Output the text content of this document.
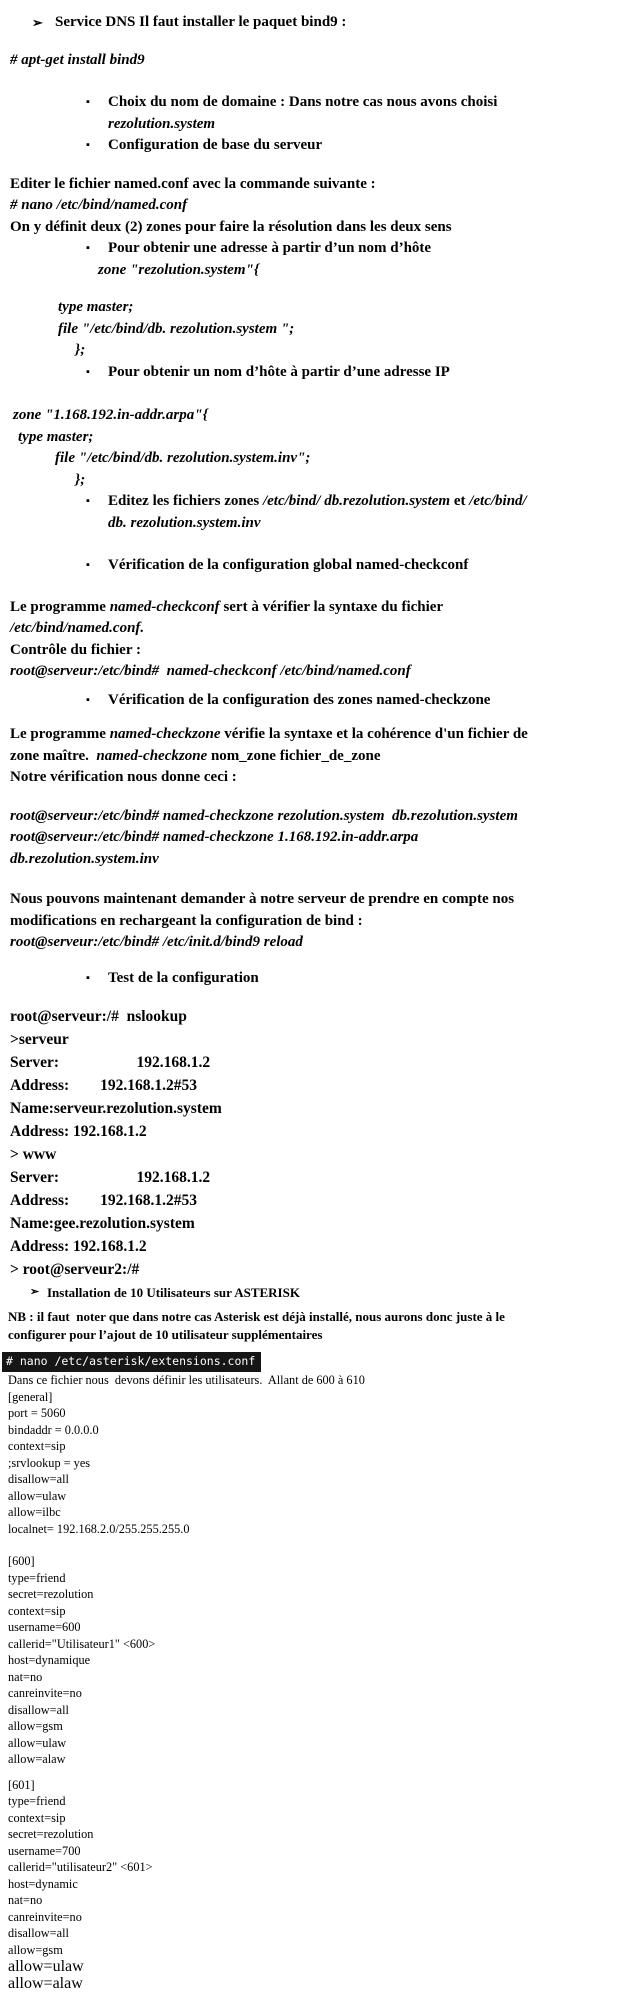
➢ Service DNS Il faut installer le paquet bind9 :
# apt-get install bind9
▪	Choix du nom de domaine : Dans notre cas nous avons choisi
rezolution.system
▪	Configuration de base du serveur
Editer le fichier named.conf avec la commande suivante :
# nano /etc/bind/named.conf
On y définit deux (2) zones pour faire la résolution dans les deux sens
▪	Pour obtenir une adresse à partir d’un nom d’hôte
zone "rezolution.system"{
type master;
file "/etc/bind/db. rezolution.system ";
};
▪	Pour obtenir un nom d’hôte à partir d’une adresse IP
zone "1.168.192.in-addr.arpa"{
type master;
file "/etc/bind/db. rezolution.system.inv";
};
▪	Editez les fichiers zones /etc/bind/ db.rezolution.system et /etc/bind/
db. rezolution.system.inv
▪	Vérification de la configuration global named-checkconf
Le programme named-checkconf sert à vérifier la syntaxe du fichier
/etc/bind/named.conf.
Contrôle du fichier :
root@serveur:/etc/bind#  named-checkconf /etc/bind/named.conf
▪	Vérification de la configuration des zones named-checkzone
Le programme named-checkzone vérifie la syntaxe et la cohérence d'un fichier de
zone maître.  named-checkzone nom_zone fichier_de_zone
Notre vérification nous donne ceci :
root@serveur:/etc/bind# named-checkzone rezolution.system  db.rezolution.system
root@serveur:/etc/bind# named-checkzone 1.168.192.in-addr.arpa
db.rezolution.system.inv
Nous pouvons maintenant demander à notre serveur de prendre en compte nos
modifications en rechargeant la configuration de bind :
root@serveur:/etc/bind# /etc/init.d/bind9 reload
▪	Test de la configuration
root@serveur:/#  nslookup
>serveur
Server:                    192.168.1.2
Address:        192.168.1.2#53
Name:serveur.rezolution.system
Address: 192.168.1.2
> www
Server:                    192.168.1.2
Address:        192.168.1.2#53
Name:gee.rezolution.system
Address: 192.168.1.2
> root@serveur2:/#
➢ Installation de 10 Utilisateurs sur ASTERISK
NB : il faut  noter que dans notre cas Asterisk est déjà installé, nous aurons donc juste à le
configurer pour l’ajout de 10 utilisateur supplémentaires
# nano /etc/asterisk/extensions.conf
Dans ce fichier nous  devons définir les utilisateurs.  Allant de 600 à 610
[general]
port = 5060
bindaddr = 0.0.0.0
context=sip
;srvlookup = yes
disallow=all
allow=ulaw
allow=ilbc
localnet= 192.168.2.0/255.255.255.0
[600]
type=friend
secret=rezolution
context=sip
username=600
callerid="Utilisateur1" <600>
host=dynamique
nat=no
canreinvite=no
disallow=all
allow=gsm
allow=ulaw
allow=alaw
[601]
type=friend
context=sip
secret=rezolution
username=700
callerid="utilisateur2" <601>
host=dynamic
nat=no
canreinvite=no
disallow=all
allow=gsm
allow=ulaw
allow=alaw
